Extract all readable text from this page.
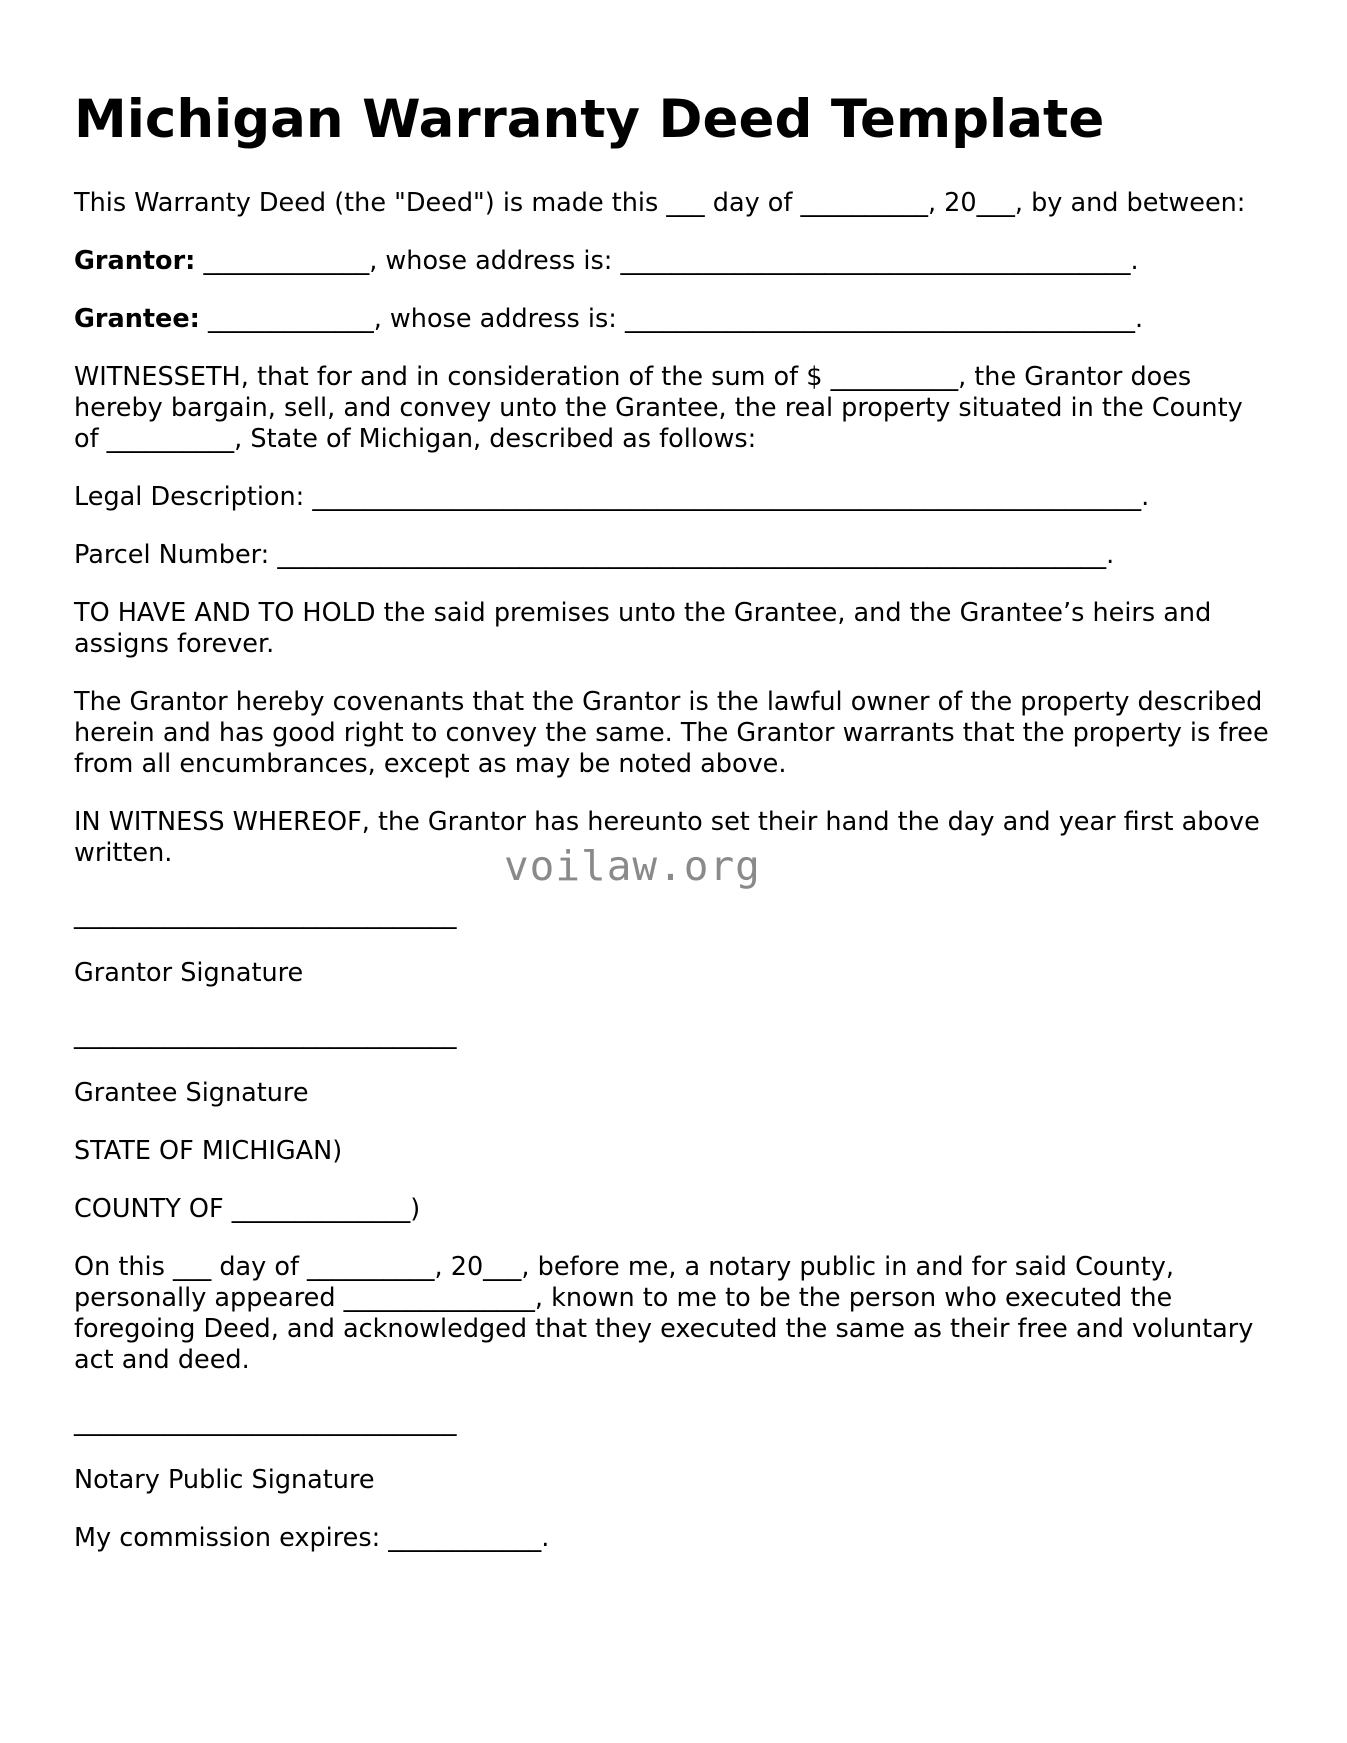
Michigan Warranty Deed Template

This Warranty Deed (the "Deed") is made this ___ day of __________, 20___, by and between:

Grantor: _____________, whose address is: ________________________________________.

Grantee: _____________, whose address is: ________________________________________.

WITNESSETH, that for and in consideration of the sum of $ __________, the Grantor does hereby bargain, sell, and convey unto the Grantee, the real property situated in the County of __________, State of Michigan, described as follows:

Legal Description: _________________________________________________________________.

Parcel Number: _________________________________________________________________.

TO HAVE AND TO HOLD the said premises unto the Grantee, and the Grantee’s heirs and assigns forever.

The Grantor hereby covenants that the Grantor is the lawful owner of the property described herein and has good right to convey the same. The Grantor warrants that the property is free from all encumbrances, except as may be noted above.

IN WITNESS WHEREOF, the Grantor has hereunto set their hand the day and year first above written.

______________________________

Grantor Signature

______________________________

Grantee Signature

STATE OF MICHIGAN)

COUNTY OF ______________)

On this ___ day of __________, 20___, before me, a notary public in and for said County, personally appeared _______________, known to me to be the person who executed the foregoing Deed, and acknowledged that they executed the same as their free and voluntary act and deed.

______________________________

Notary Public Signature

My commission expires: ____________.

voilaw.org
